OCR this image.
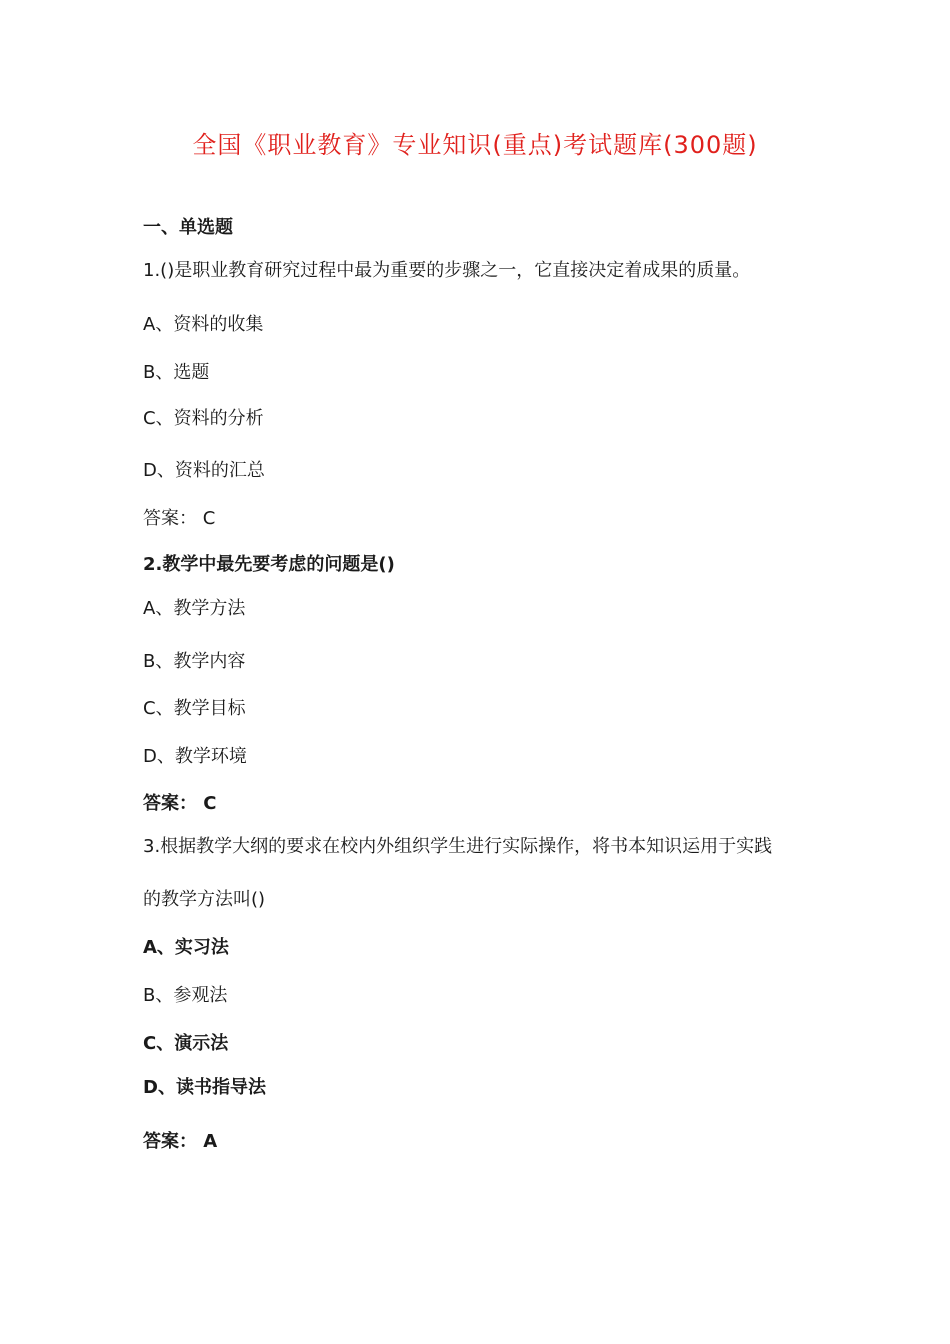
全国《职业教育》专业知识(重点)考试题库(300题)
一、单选题
1.()是职业教育研究过程中最为重要的步骤之一，它直接决定着成果的质量。
A、资料的收集
B、选题
C、资料的分析
D、资料的汇总
答案： C
2.教学中最先要考虑的问题是()
A、教学方法
B、教学内容
C、教学目标
D、教学环境
答案： C
3.根据教学大纲的要求在校内外组织学生进行实际操作，将书本知识运用于实践
的教学方法叫()
A、实习法
B、参观法
C、演示法
D、读书指导法
答案： A
